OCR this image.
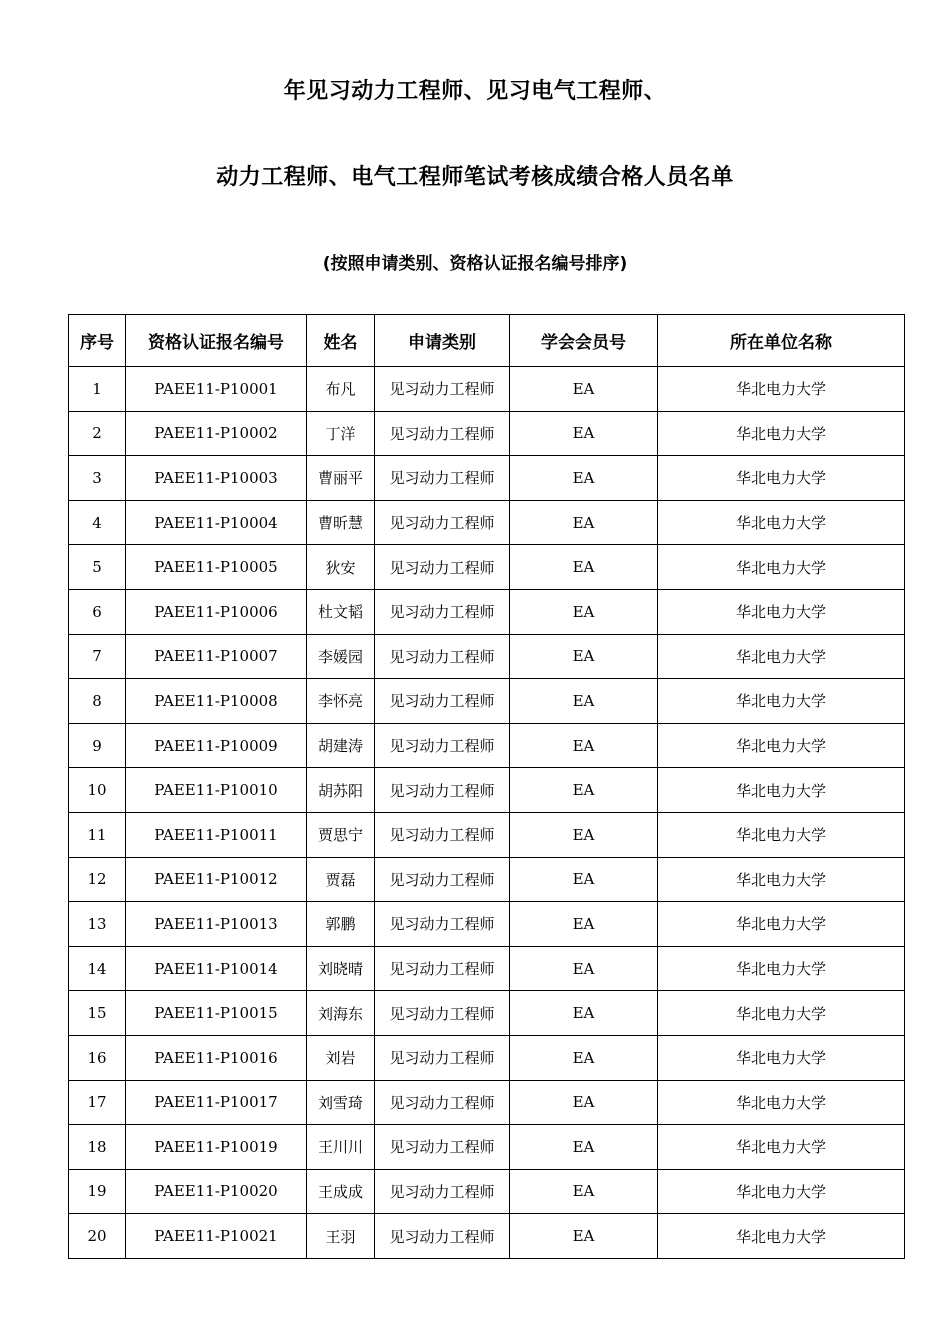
年见习动力工程师、见习电气工程师、
动力工程师、电气工程师笔试考核成绩合格人员名单
(按照申请类别、资格认证报名编号排序)
序号	资格认证报名编号	姓名	申请类别	学会会员号	所在单位名称
1	PAEE11-P10001	布凡	见习动力工程师	EA	华北电力大学
2	PAEE11-P10002	丁洋	见习动力工程师	EA	华北电力大学
3	PAEE11-P10003	曹丽平	见习动力工程师	EA	华北电力大学
4	PAEE11-P10004	曹昕慧	见习动力工程师	EA	华北电力大学
5	PAEE11-P10005	狄安	见习动力工程师	EA	华北电力大学
6	PAEE11-P10006	杜文韬	见习动力工程师	EA	华北电力大学
7	PAEE11-P10007	李媛园	见习动力工程师	EA	华北电力大学
8	PAEE11-P10008	李怀亮	见习动力工程师	EA	华北电力大学
9	PAEE11-P10009	胡建涛	见习动力工程师	EA	华北电力大学
10	PAEE11-P10010	胡苏阳	见习动力工程师	EA	华北电力大学
11	PAEE11-P10011	贾思宁	见习动力工程师	EA	华北电力大学
12	PAEE11-P10012	贾磊	见习动力工程师	EA	华北电力大学
13	PAEE11-P10013	郭鹏	见习动力工程师	EA	华北电力大学
14	PAEE11-P10014	刘晓晴	见习动力工程师	EA	华北电力大学
15	PAEE11-P10015	刘海东	见习动力工程师	EA	华北电力大学
16	PAEE11-P10016	刘岩	见习动力工程师	EA	华北电力大学
17	PAEE11-P10017	刘雪琦	见习动力工程师	EA	华北电力大学
18	PAEE11-P10019	王川川	见习动力工程师	EA	华北电力大学
19	PAEE11-P10020	王成成	见习动力工程师	EA	华北电力大学
20	PAEE11-P10021	王羽	见习动力工程师	EA	华北电力大学
